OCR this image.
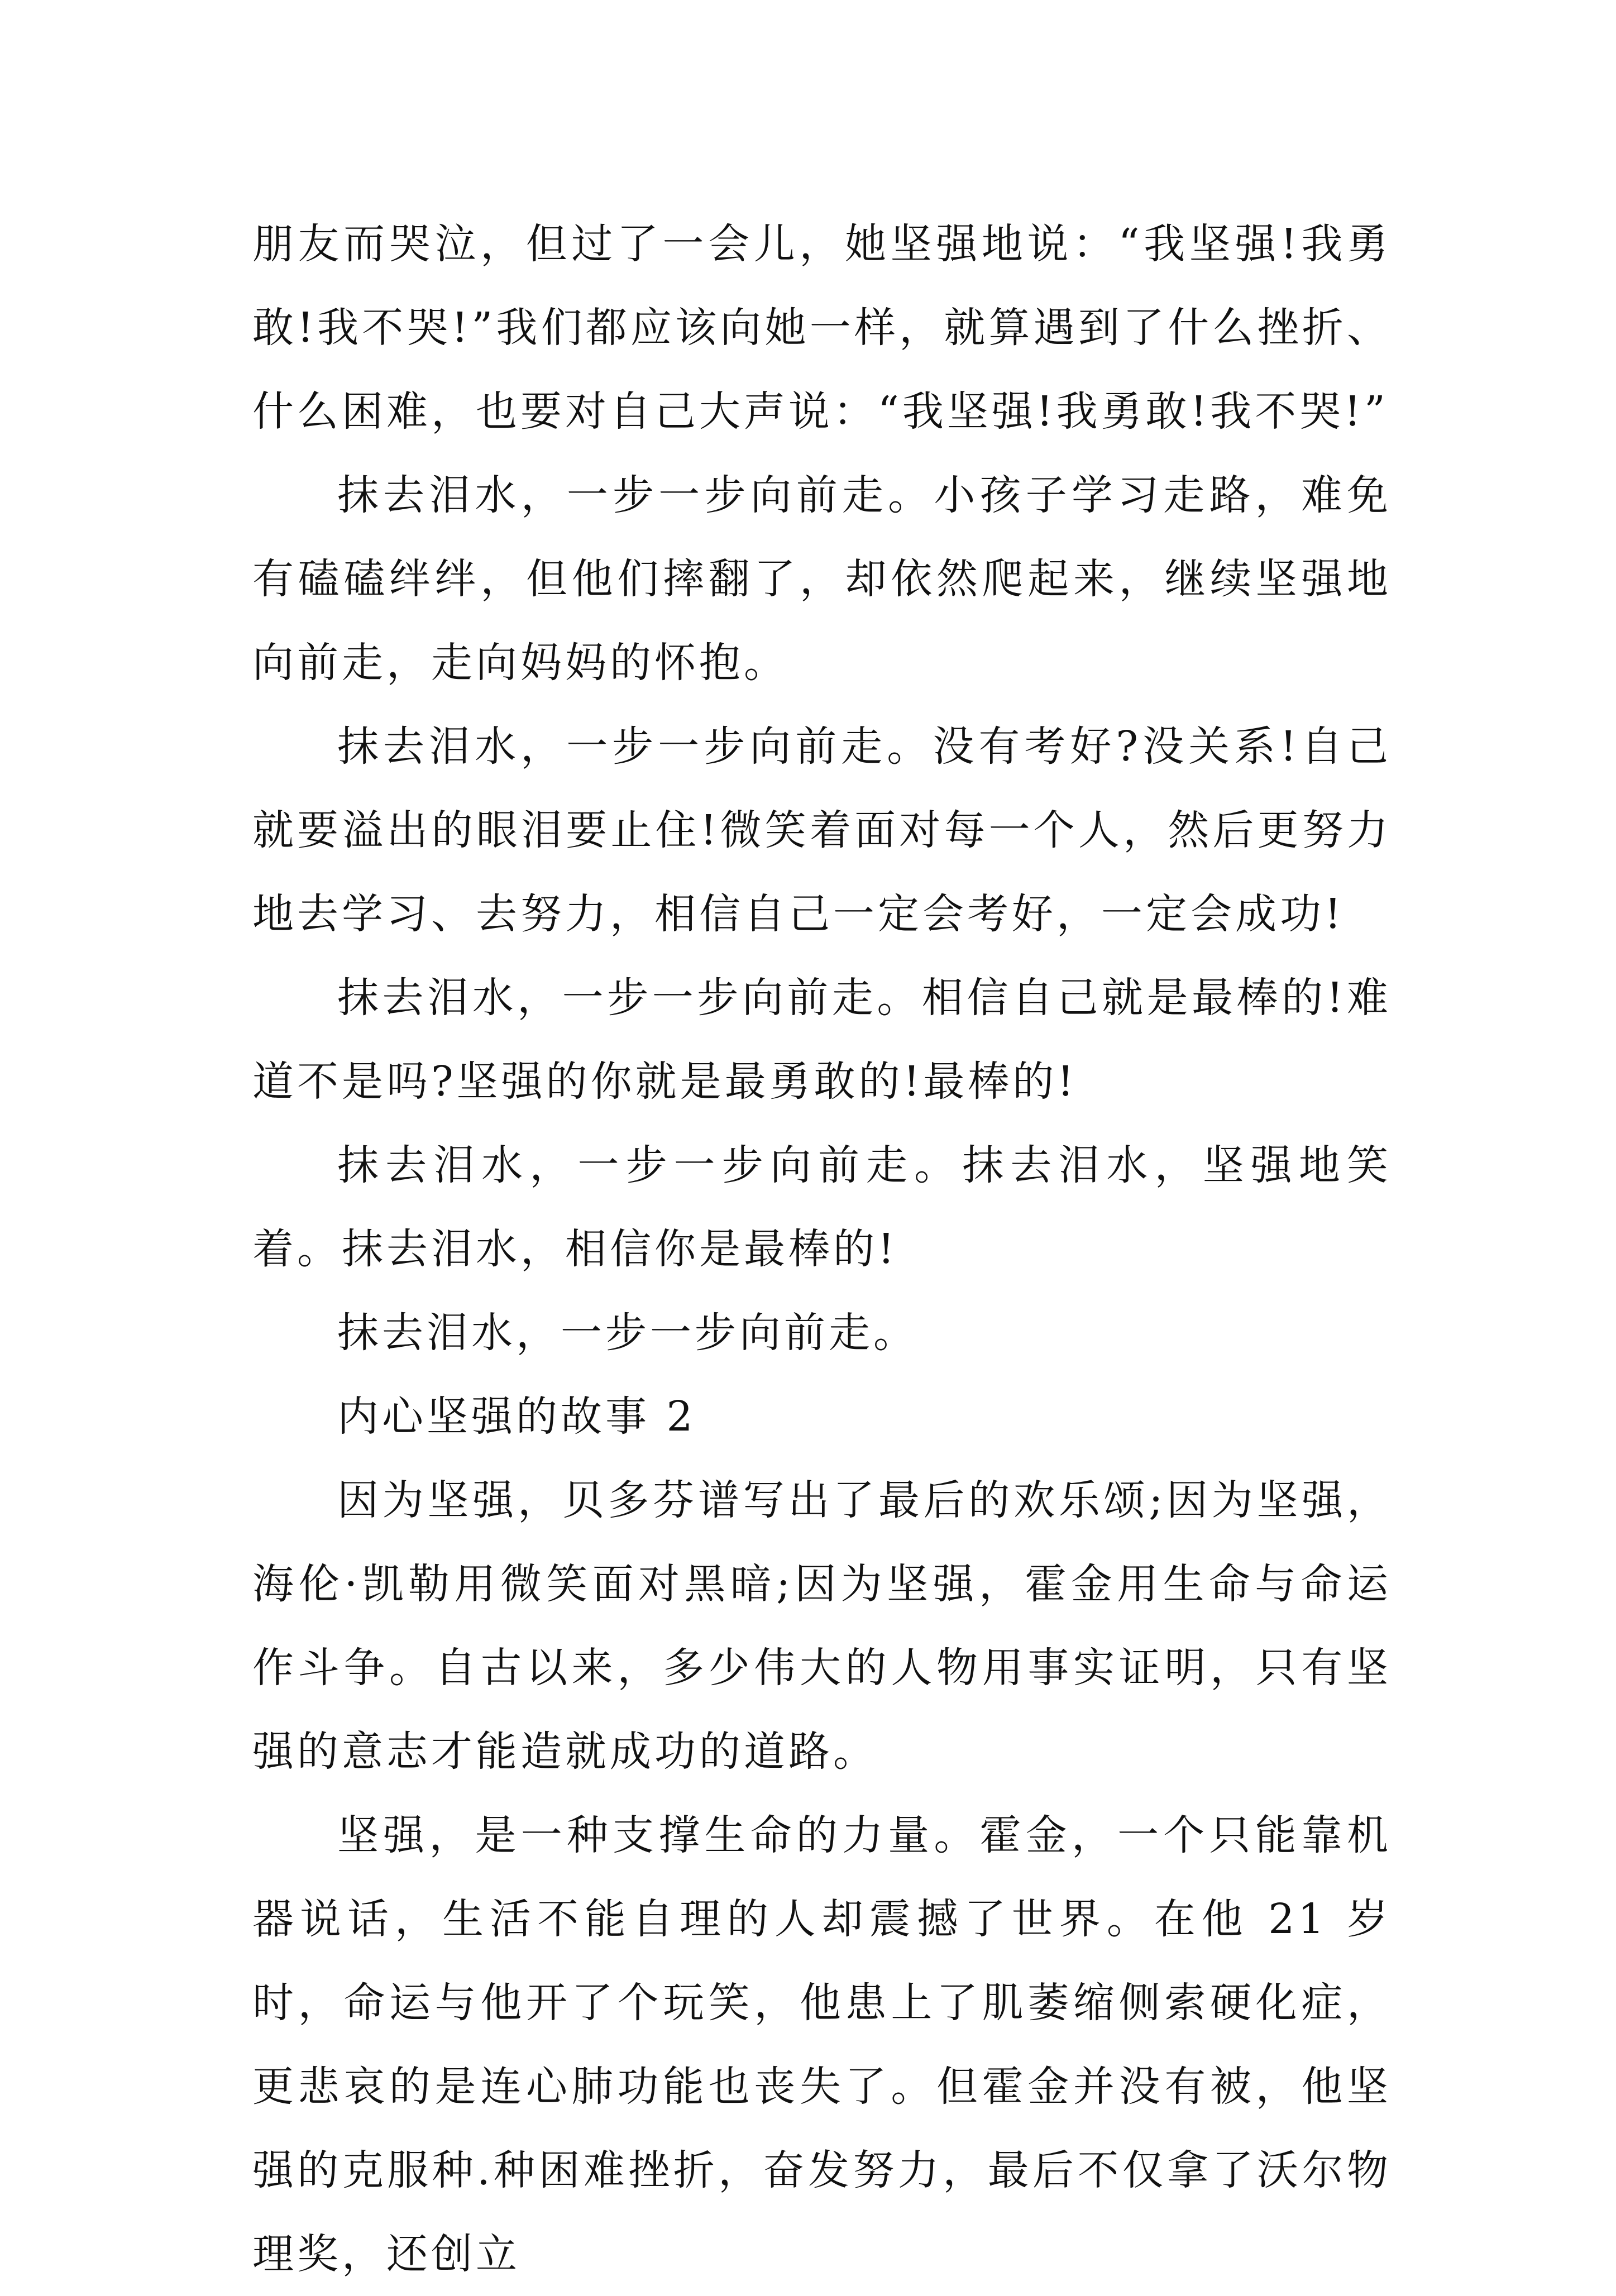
朋友而哭泣，但过了一会儿，她坚强地说：“我坚强!我勇敢!我不哭!”我们都应该向她一样，就算遇到了什么挫折、什么困难，也要对自己大声说：“我坚强!我勇敢!我不哭!”

抹去泪水，一步一步向前走。小孩子学习走路，难免有磕磕绊绊，但他们摔翻了，却依然爬起来，继续坚强地向前走，走向妈妈的怀抱。

抹去泪水，一步一步向前走。没有考好?没关系!自己就要溢出的眼泪要止住!微笑着面对每一个人，然后更努力地去学习、去努力，相信自己一定会考好，一定会成功!

抹去泪水，一步一步向前走。相信自己就是最棒的!难道不是吗?坚强的你就是最勇敢的!最棒的!

抹去泪水，一步一步向前走。抹去泪水，坚强地笑着。抹去泪水，相信你是最棒的!

抹去泪水，一步一步向前走。

内心坚强的故事 2

因为坚强，贝多芬谱写出了最后的欢乐颂;因为坚强，海伦·凯勒用微笑面对黑暗;因为坚强，霍金用生命与命运作斗争。自古以来，多少伟大的人物用事实证明，只有坚强的意志才能造就成功的道路。

坚强，是一种支撑生命的力量。霍金，一个只能靠机器说话，生活不能自理的人却震撼了世界。在他 21 岁时，命运与他开了个玩笑，他患上了肌萎缩侧索硬化症，更悲哀的是连心肺功能也丧失了。但霍金并没有被，他坚强的克服种.种困难挫折，奋发努力，最后不仅拿了沃尔物理奖，还创立
